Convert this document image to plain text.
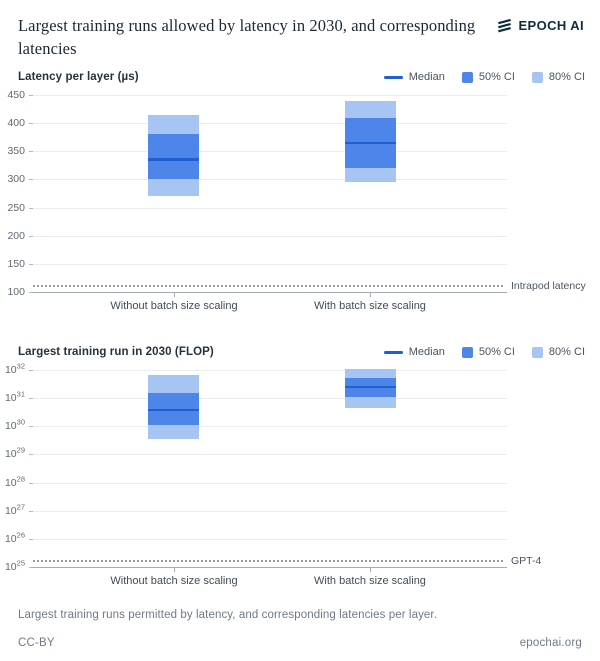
Largest training runs allowed by latency in 2030, and corresponding latencies
EPOCH AI
Latency per layer (µs)	Median	50% CI	80% CI
Largest training run in 2030 (FLOP)	Median	50% CI	80% CI
Largest training runs permitted by latency, and corresponding latencies per layer.
CC-BY	epochai.org
450
400
350
300
250
200
150
100
Without batch size scaling	With batch size scaling
Intrapod latency
$10^{32}$
$10^{31}$
$10^{30}$
$10^{29}$
$10^{28}$
$10^{27}$
$10^{26}$
$10^{25}$
Without batch size scaling	With batch size scaling
GPT-4
